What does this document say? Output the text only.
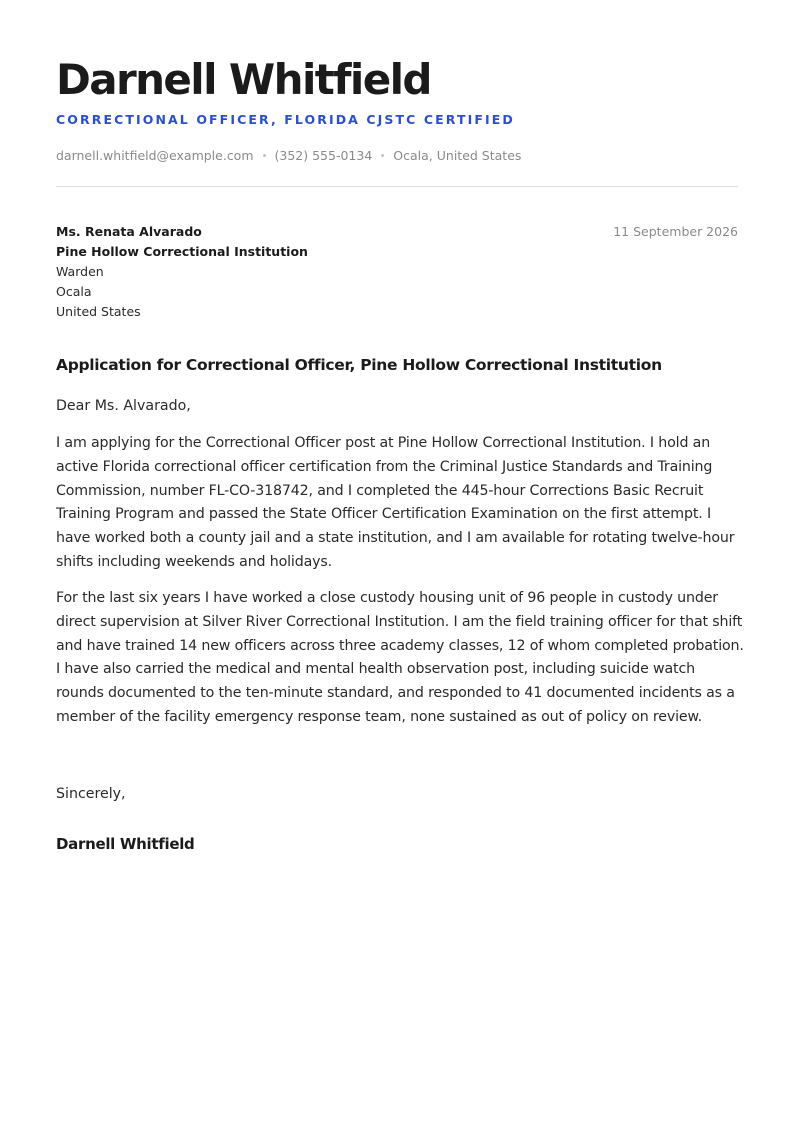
Darnell Whitfield
CORRECTIONAL OFFICER, FLORIDA CJSTC CERTIFIED
darnell.whitfield@example.com (352) 555-0134 Ocala, United States
Ms. Renata Alvarado
Pine Hollow Correctional Institution
Warden
Ocala
United States
11 September 2026
Application for Correctional Officer, Pine Hollow Correctional Institution
Dear Ms. Alvarado,

I am applying for the Correctional Officer post at Pine Hollow Correctional Institution. I hold an active Florida correctional officer certification from the Criminal Justice Standards and Training Commission, number FL-CO-318742, and I completed the 445-hour Corrections Basic Recruit Training Program and passed the State Officer Certification Examination on the first attempt. I have worked both a county jail and a state institution, and I am available for rotating twelve-hour shifts including weekends and holidays.

For the last six years I have worked a close custody housing unit of 96 people in custody under direct supervision at Silver River Correctional Institution. I am the field training officer for that shift and have trained 14 new officers across three academy classes, 12 of whom completed probation. I have also carried the medical and mental health observation post, including suicide watch rounds documented to the ten-minute standard, and responded to 41 documented incidents as a member of the facility emergency response team, none sustained as out of policy on review.

Sincerely,
Darnell Whitfield
